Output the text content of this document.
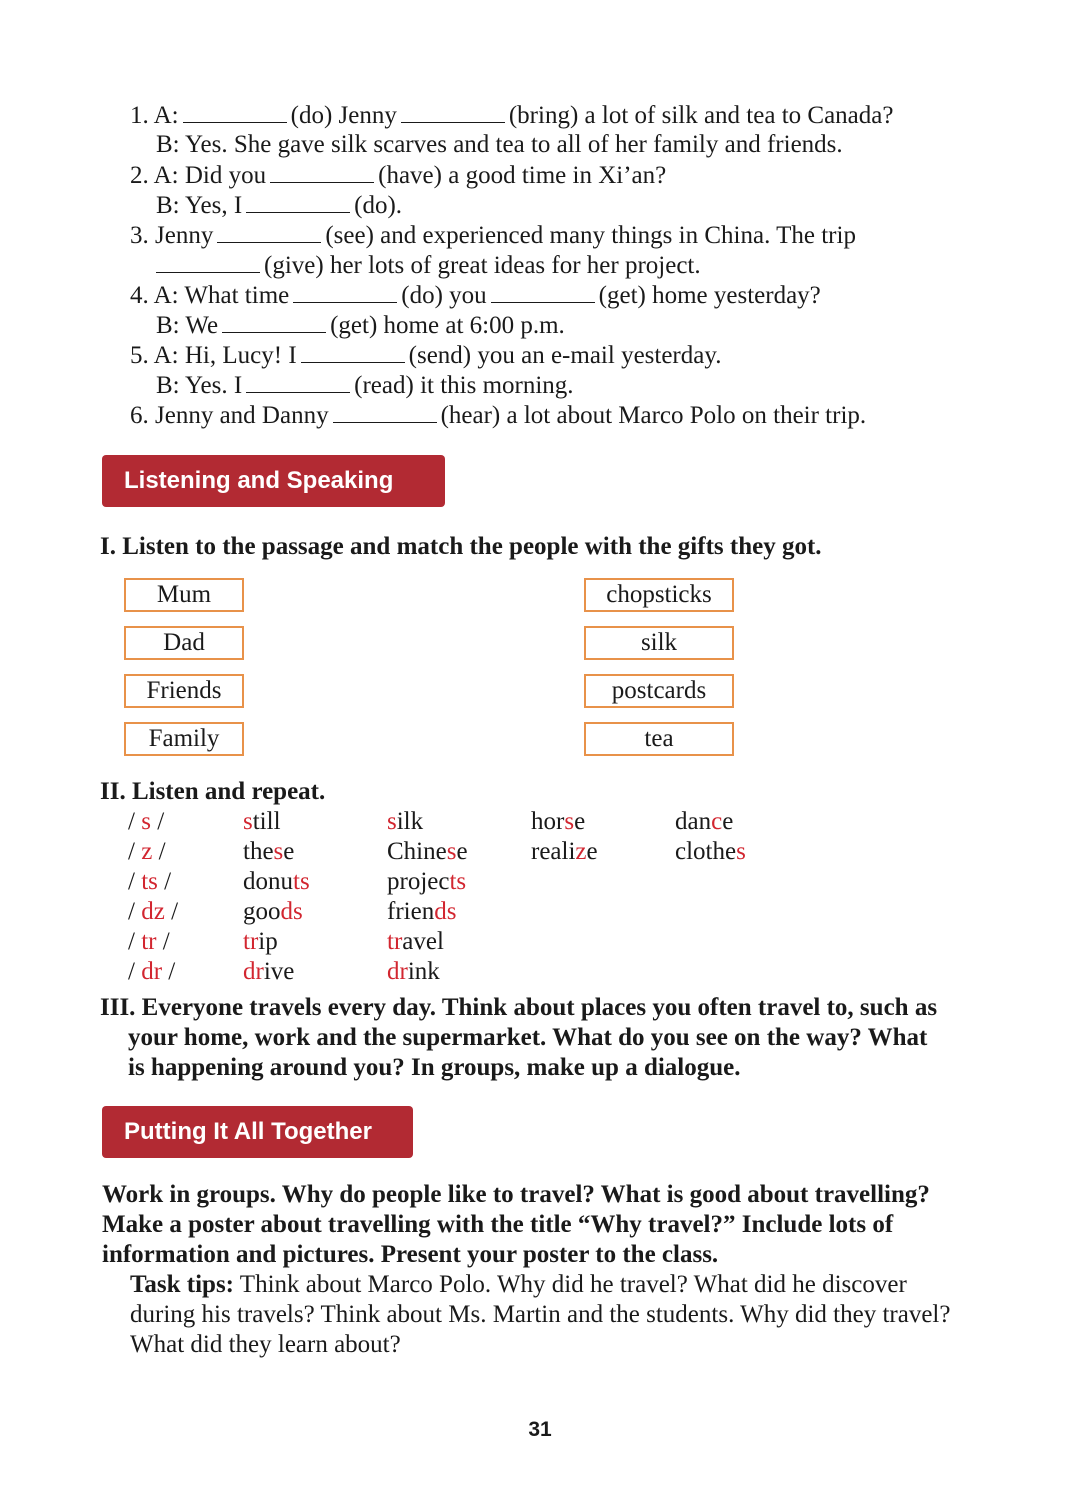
1. A:	(do) Jenny	(bring) a lot of silk and tea to Canada?
B: Yes. She gave silk scarves and tea to all of her family and friends.
2. A: Did you	(have) a good time in Xi’an?
B: Yes, I	(do).
3. Jenny	(see) and experienced many things in China. The trip
(give) her lots of great ideas for her project.
4. A: What time	(do) you	(get) home yesterday?
B: We	(get) home at 6:00 p.m.
5. A: Hi, Lucy! I	(send) you an e-mail yesterday.
B: Yes. I	(read) it this morning.
6. Jenny and Danny	(hear) a lot about Marco Polo on their trip.
Listening and Speaking
I. Listen to the passage and match the people with the gifts they got.
Mum
Dad
Friends
Family
chopsticks
silk
postcards
tea
II. Listen and repeat.
/ s /	still	silk	horse	dance
/ z /	these	Chinese	realize	clothes
/ ts /	donuts	projects
/ dz /	goods	friends
/ tr /	trip	travel
/ dr /	drive	drink
III. Everyone travels every day. Think about places you often travel to, such as
your home, work and the supermarket. What do you see on the way? What
is happening around you? In groups, make up a dialogue.
Putting It All Together
Work in groups. Why do people like to travel? What is good about travelling?
Make a poster about travelling with the title “Why travel?” Include lots of
information and pictures. Present your poster to the class.
Task tips: Think about Marco Polo. Why did he travel? What did he discover
during his travels? Think about Ms. Martin and the students. Why did they travel?
What did they learn about?
31
